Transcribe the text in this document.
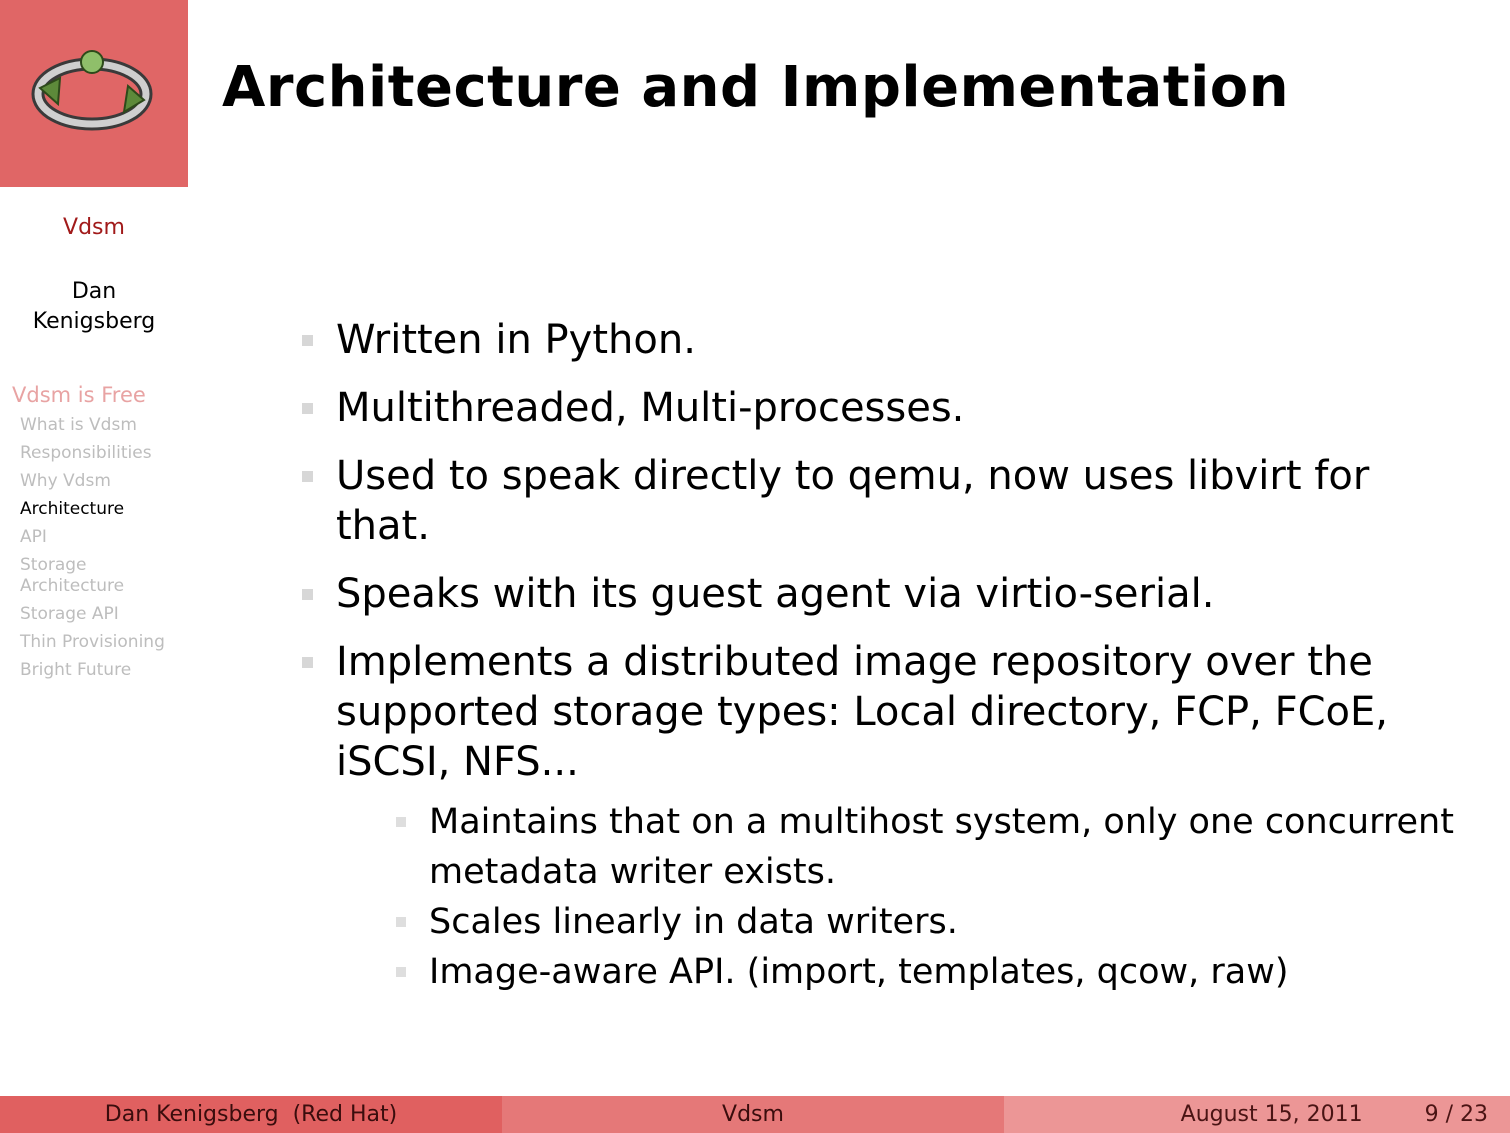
Architecture and Implementation
Vdsm
Dan
Kenigsberg
Vdsm is Free
What is Vdsm
Responsibilities
Why Vdsm
Architecture
API
Storage Architecture
Storage API
Thin Provisioning
Bright Future
Written in Python.
Multithreaded, Multi-processes.
Used to speak directly to qemu, now uses libvirt for that.
Speaks with its guest agent via virtio-serial.
Implements a distributed image repository over the supported storage types: Local directory, FCP, FCoE, iSCSI, NFS...
Maintains that on a multihost system, only one concurrent metadata writer exists.
Scales linearly in data writers.
Image-aware API. (import, templates, qcow, raw)
Dan Kenigsberg  (Red Hat)	Vdsm	August 15, 2011	9 / 23
